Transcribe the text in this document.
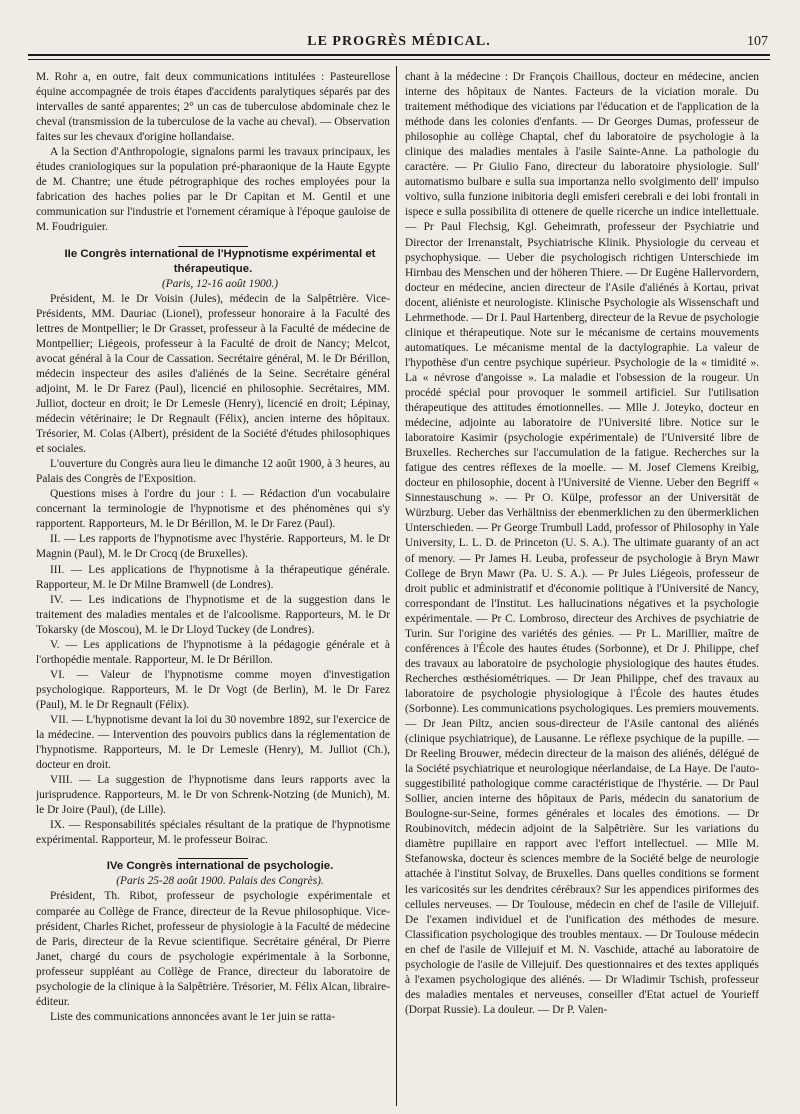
LE PROGRÈS MÉDICAL.	107

M. Rohr a, en outre, fait deux communications intitulées : Pasteurellose équine accompagnée de trois étapes d'accidents paralytiques séparés par des intervalles de santé apparentes; 2° un cas de tuberculose abdominale chez le cheval (transmission de la tuberculose de la vache au cheval). — Observation faites sur les chevaux d'origine hollandaise.

A la Section d'Anthropologie, signalons parmi les travaux principaux, les études craniologiques sur la population pré-pharaonique de la Haute Egypte de M. Chantre; une étude pétrographique des roches employées pour la fabrication des haches polies par le Dr Capitan et M. Gentil et une communication sur l'industrie et l'ornement céramique à l'époque gauloise de M. Foudriguier.

IIe Congrès international de l'Hypnotisme expérimental et thérapeutique.

(Paris, 12-16 août 1900.)

Président, M. le Dr Voisin (Jules), médecin de la Salpêtrière. Vice-Présidents, MM. Dauriac (Lionel), professeur honoraire à la Faculté des lettres de Montpellier; le Dr Grasset, professeur à la Faculté de médecine de Montpellier; Liégeois, professeur à la Faculté de droit de Nancy; Melcot, avocat général à la Cour de Cassation. Secrétaire général, M. le Dr Bérillon, médecin inspecteur des asiles d'aliénés de la Seine. Secrétaire général adjoint, M. le Dr Farez (Paul), licencié en philosophie. Secrétaires, MM. Julliot, docteur en droit; le Dr Lemesle (Henry), licencié en droit; Lépinay, médecin vétérinaire; le Dr Regnault (Félix), ancien interne des hôpitaux. Trésorier, M. Colas (Albert), président de la Société d'études philosophiques et sociales.

L'ouverture du Congrès aura lieu le dimanche 12 août 1900, à 3 heures, au Palais des Congrès de l'Exposition.

Questions mises à l'ordre du jour : I. — Rédaction d'un vocabulaire concernant la terminologie de l'hypnotisme et des phénomènes qui s'y rapportent. Rapporteurs, M. le Dr Bérillon, M. le Dr Farez (Paul).

II. — Les rapports de l'hypnotisme avec l'hystérie. Rapporteurs, M. le Dr Magnin (Paul), M. le Dr Crocq (de Bruxelles).

III. — Les applications de l'hypnotisme à la thérapeutique générale. Rapporteur, M. le Dr Milne Bramwell (de Londres).

IV. — Les indications de l'hypnotisme et de la suggestion dans le traitement des maladies mentales et de l'alcoolisme. Rapporteurs, M. le Dr Tokarsky (de Moscou), M. le Dr Lloyd Tuckey (de Londres).

V. — Les applications de l'hypnotisme à la pédagogie générale et à l'orthopédie mentale. Rapporteur, M. le Dr Bérillon.

VI. — Valeur de l'hypnotisme comme moyen d'investigation psychologique. Rapporteurs, M. le Dr Vogt (de Berlin), M. le Dr Farez (Paul), M. le Dr Regnault (Félix).

VII. — L'hypnotisme devant la loi du 30 novembre 1892, sur l'exercice de la médecine. — Intervention des pouvoirs publics dans la réglementation de l'hypnotisme. Rapporteurs, M. le Dr Lemesle (Henry), M. Julliot (Ch.), docteur en droit.

VIII. — La suggestion de l'hypnotisme dans leurs rapports avec la jurisprudence. Rapporteurs, M. le Dr von Schrenk-Notzing (de Munich), M. le Dr Joire (Paul), (de Lille).

IX. — Responsabilités spéciales résultant de la pratique de l'hypnotisme expérimental. Rapporteur, M. le professeur Boirac.

IVe Congrès international de psychologie.

(Paris 25-28 août 1900. Palais des Congrès).

Président, Th. Ribot, professeur de psychologie expérimentale et comparée au Collège de France, directeur de la Revue philosophique. Vice-président, Charles Richet, professeur de physiologie à la Faculté de médecine de Paris, directeur de la Revue scientifique. Secrétaire général, Dr Pierre Janet, chargé du cours de psychologie expérimentale à la Sorbonne, professeur suppléant au Collège de France, directeur du laboratoire de psychologie de la clinique à la Salpêtrière. Trésorier, M. Félix Alcan, libraire-éditeur.

Liste des communications annoncées avant le 1er juin se ratta-

chant à la médecine : Dr François Chaillous, docteur en médecine, ancien interne des hôpitaux de Nantes. Facteurs de la viciation morale. Du traitement méthodique des viciations par l'éducation et de l'application de la méthode dans les colonies d'enfants. — Dr Georges Dumas, professeur de philosophie au collège Chaptal, chef du laboratoire de psychologie à la clinique des maladies mentales à l'asile Sainte-Anne. La pathologie du caractère. — Pr Giulio Fano, directeur du laboratoire physiologie. Sull' automatismo bulbare e sulla sua importanza nello svolgimento dell' impulso voltivo, sulla funzione inibitoria degli emisferi cerebrali e dei lobi frontali in ispece e sulla possibilita di ottenere de quelle ricerche un indice intellettuale. — Pr Paul Flechsig, Kgl. Geheimrath, professeur der Psychiatrie und Director der Irrenanstalt, Psychiatrische Klinik. Physiologie du cerveau et psychophysique. — Ueber die psychologisch richtigen Unterschiede im Hirnbau des Menschen und der höheren Thiere. — Dr Eugène Hallervordern, docteur en médecine, ancien directeur de l'Asile d'aliénés à Kortau, privat docent, aliéniste et neurologiste. Klinische Psychologie als Wissenschaft und Lehrmethode. — Dr I. Paul Hartenberg, directeur de la Revue de psychologie clinique et thérapeutique. Note sur le mécanisme de certains mouvements automatiques. Le mécanisme mental de la dactylographie. La valeur de l'hypothèse d'un centre psychique supérieur. Psychologie de la « timidité ». La « névrose d'angoisse ». La maladie et l'obsession de la rougeur. Un procédé spécial pour provoquer le sommeil artificiel. Sur l'utilisation thérapeutique des attitudes émotionnelles. — Mlle J. Joteyko, docteur en médecine, adjointe au laboratoire de l'Université libre. Notice sur le laboratoire Kasimir (psychologie expérimentale) de l'Université libre de Bruxelles. Recherches sur l'accumulation de la fatigue. Recherches sur la fatigue des centres réflexes de la moelle. — M. Josef Clemens Kreibig, docteur en philosophie, docent à l'Université de Vienne. Ueber den Begriff « Sinnestauschung ». — Pr O. Külpe, professor an der Universität de Würzburg. Ueber das Verhältniss der ebenmerklichen zu den übermerklichen Unterschieden. — Pr George Trumbull Ladd, professor of Philosophy in Yale University, L. L. D. de Princeton (U. S. A.). The ultimate guaranty of an act of menory. — Pr James H. Leuba, professeur de psychologie à Bryn Mawr College de Bryn Mawr (Pa. U. S. A.). — Pr Jules Liégeois, professeur de droit public et administratif et d'économie politique à l'Université de Nancy, correspondant de l'Institut. Les hallucinations négatives et la psychologie expérimentale. — Pr C. Lombroso, directeur des Archives de psychiatrie de Turin. Sur l'origine des variétés des génies. — Pr L. Marillier, maître de conférences à l'École des hautes études (Sorbonne), et Dr J. Philippe, chef des travaux au laboratoire de psychologie physiologique des hautes études. Recherches œsthésiométriques. — Dr Jean Philippe, chef des travaux au laboratoire de psychologie physiologique à l'École des hautes études (Sorbonne). Les communications psychologiques. Les premiers mouvements. — Dr Jean Piltz, ancien sous-directeur de l'Asile cantonal des aliénés (clinique psychiatrique), de Lausanne. Le réflexe psychique de la pupille. — Dr Reeling Brouwer, médecin directeur de la maison des aliénés, délégué de la Société psychiatrique et neurologique néerlandaise, de La Haye. De l'auto-suggestibilité pathologique comme caractéristique de l'hystérie. — Dr Paul Sollier, ancien interne des hôpitaux de Paris, médecin du sanatorium de Boulogne-sur-Seine, formes générales et locales des émotions. — Dr Roubinovitch, médecin adjoint de la Salpêtrière. Sur les variations du diamètre pupillaire en rapport avec l'effort intellectuel. — Mlle M. Stefanowska, docteur ès sciences membre de la Société belge de neurologie attachée à l'institut Solvay, de Bruxelles. Dans quelles conditions se forment les varicosités sur les dendrites cérébraux? Sur les appendices piriformes des cellules nerveuses. — Dr Toulouse, médecin en chef de l'asile de Villejuif. De l'examen individuel et de l'unification des méthodes de mesure. Classification psychologique des troubles mentaux. — Dr Toulouse médecin en chef de l'asile de Villejuif et M. N. Vaschide, attaché au laboratoire de psychologie de l'asile de Villejuif. Des questionnaires et des textes appliqués à l'examen psychologique des aliénés. — Dr Wladimir Tschish, professeur des maladies mentales et nerveuses, conseiller d'Etat actuel de Yourieff (Dorpat Russie). La douleur. — Dr P. Valen-
